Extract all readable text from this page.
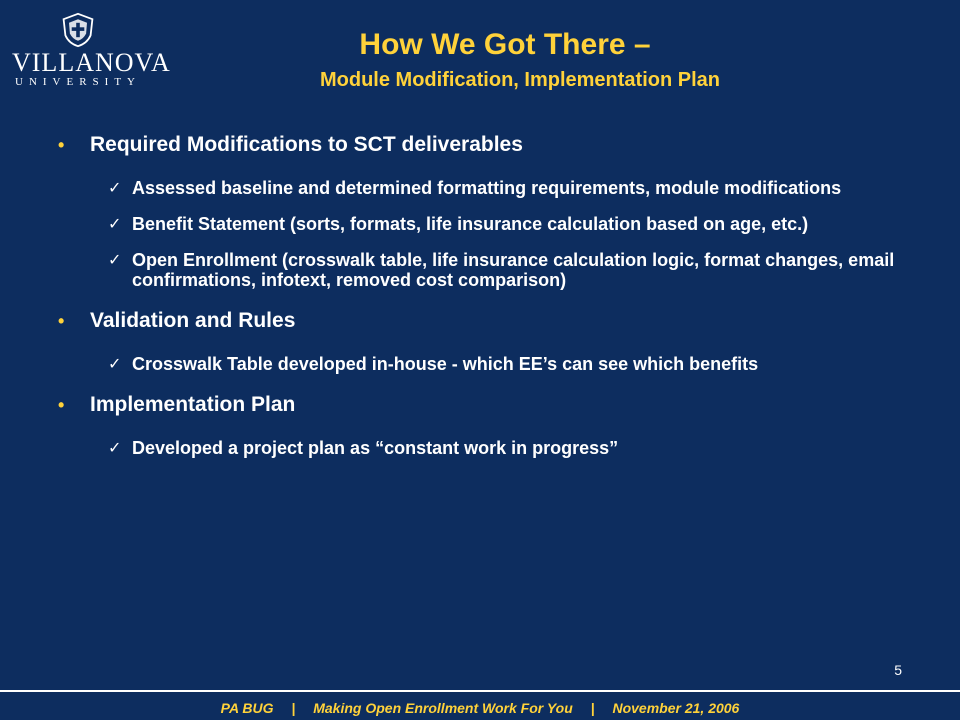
VILLANOVA
UNIVERSITY
How We Got There –
Module Modification, Implementation Plan
• Required Modifications to SCT deliverables
✓ Assessed baseline and determined formatting requirements, module modifications
✓ Benefit Statement (sorts, formats, life insurance calculation based on age, etc.)
✓ Open Enrollment (crosswalk table, life insurance calculation logic, format changes, email confirmations, infotext, removed cost comparison)
• Validation and Rules
✓ Crosswalk Table developed in-house - which EE’s can see which benefits
• Implementation Plan
✓ Developed a project plan as “constant work in progress”
5
PA BUG | Making Open Enrollment Work For You | November 21, 2006
